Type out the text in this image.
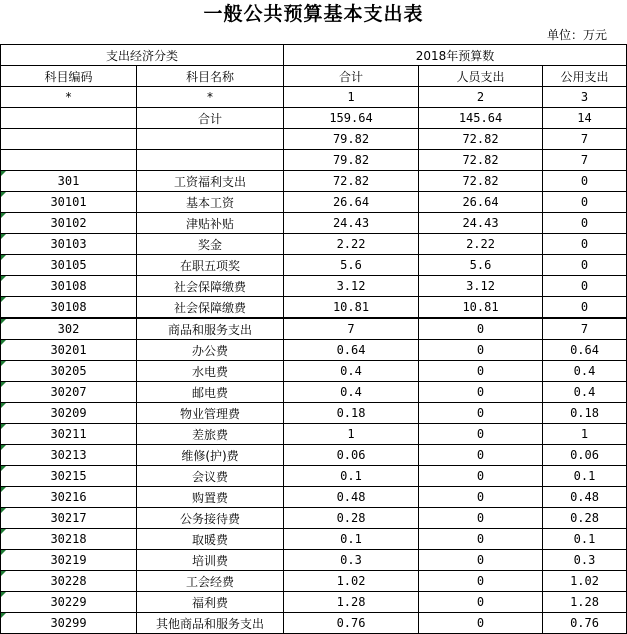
一般公共预算基本支出表
单位：万元
支出经济分类		2018年预算数		
科目编码	科目名称	合计	人员支出	公用支出
*	*	1	2	3
	合计	159.64	145.64	14
		79.82	72.82	7
		79.82	72.82	7
301	工资福利支出	72.82	72.82	0
30101	基本工资	26.64	26.64	0
30102	津贴补贴	24.43	24.43	0
30103	奖金	2.22	2.22	0
30105	在职五项奖	5.6	5.6	0
30108	社会保障缴费	3.12	3.12	0
30108	社会保障缴费	10.81	10.81	0
302	商品和服务支出	7	0	7
30201	办公费	0.64	0	0.64
30205	水电费	0.4	0	0.4
30207	邮电费	0.4	0	0.4
30209	物业管理费	0.18	0	0.18
30211	差旅费	1	0	1
30213	维修(护)费	0.06	0	0.06
30215	会议费	0.1	0	0.1
30216	购置费	0.48	0	0.48
30217	公务接待费	0.28	0	0.28
30218	取暖费	0.1	0	0.1
30219	培训费	0.3	0	0.3
30228	工会经费	1.02	0	1.02
30229	福利费	1.28	0	1.28
30299	其他商品和服务支出	0.76	0	0.76
